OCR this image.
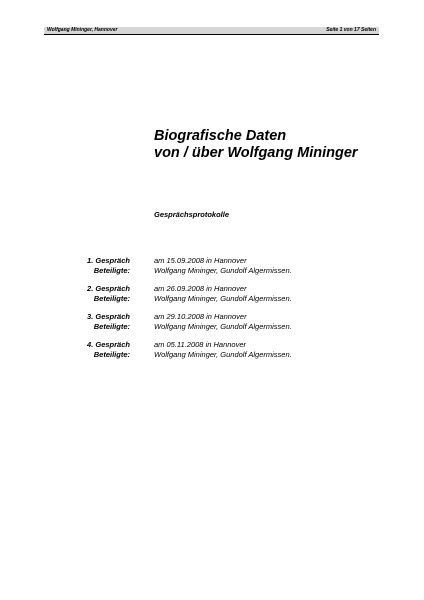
Wolfgang Mininger, Hannover	Seite 1 von 17 Seiten
Biografische Daten
von / über Wolfgang Mininger
Gesprächsprotokolle
1. Gespräch	am 15.09.2008 in Hannover
Beteiligte:	Wolfgang Mininger, Gundolf Algermissen.
2. Gespräch	am 26.09.2008 in Hannover
Beteiligte:	Wolfgang Mininger, Gundolf Algermissen.
3. Gespräch	am 29.10.2008 in Hannover
Beteiligte:	Wolfgang Mininger, Gundolf Algermissen.
4. Gespräch	am 05.11.2008 in Hannover
Beteiligte:	Wolfgang Mininger, Gundolf Algermissen.
